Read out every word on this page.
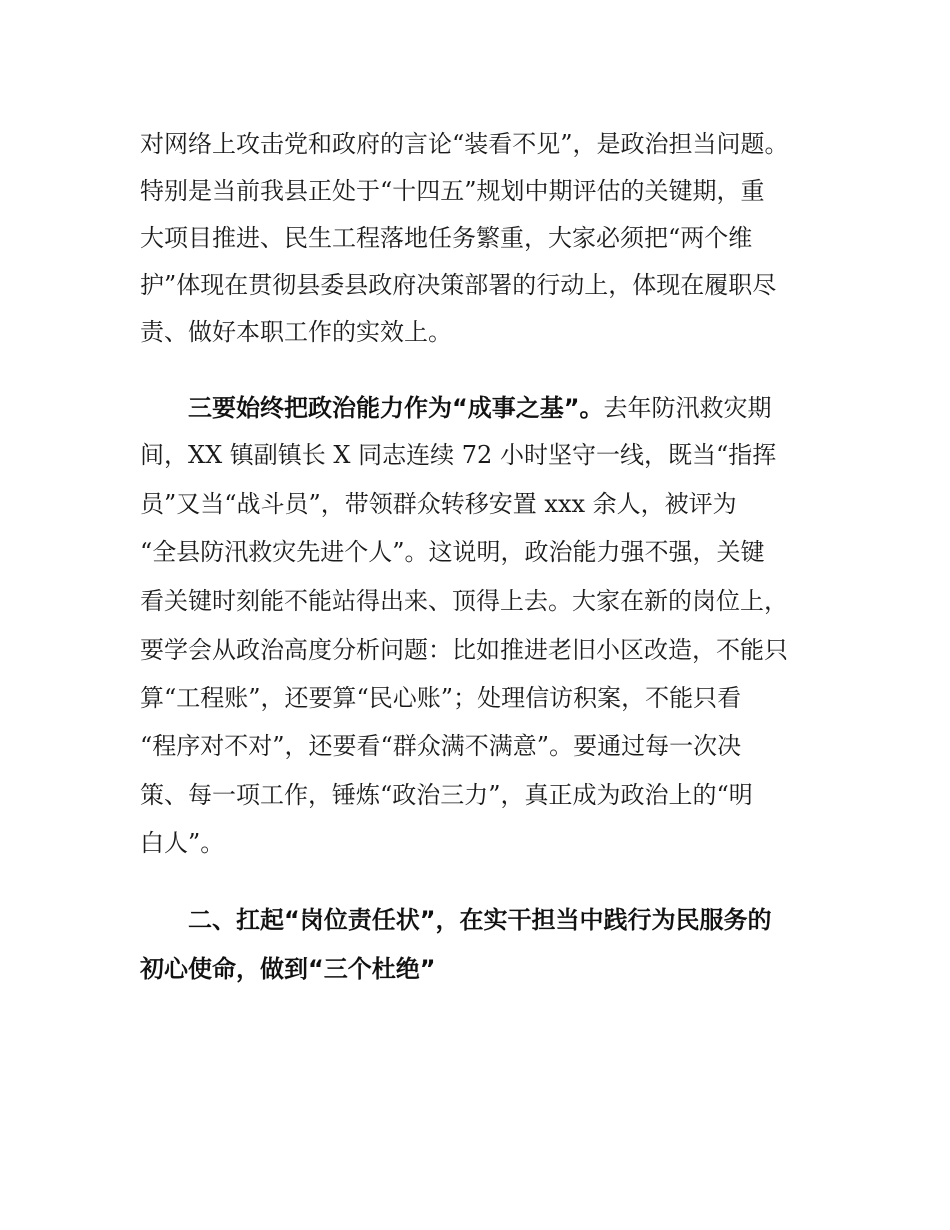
对网络上攻击党和政府的言论“装看不见”，是政治担当问题。
特别是当前我县正处于“十四五”规划中期评估的关键期，重
大项目推进、民生工程落地任务繁重，大家必须把“两个维
护”体现在贯彻县委县政府决策部署的行动上，体现在履职尽
责、做好本职工作的实效上。
三要始终把政治能力作为“成事之基”。去年防汛救灾期
间，XX 镇副镇长 X 同志连续 72 小时坚守一线，既当“指挥
员”又当“战斗员”，带领群众转移安置 xxx 余人，被评为
“全县防汛救灾先进个人”。这说明，政治能力强不强，关键
看关键时刻能不能站得出来、顶得上去。大家在新的岗位上，
要学会从政治高度分析问题：比如推进老旧小区改造，不能只
算“工程账”，还要算“民心账”；处理信访积案，不能只看
“程序对不对”，还要看“群众满不满意”。要通过每一次决
策、每一项工作，锤炼“政治三力”，真正成为政治上的“明
白人”。
二、扛起“岗位责任状”，在实干担当中践行为民服务的
初心使命，做到“三个杜绝”
